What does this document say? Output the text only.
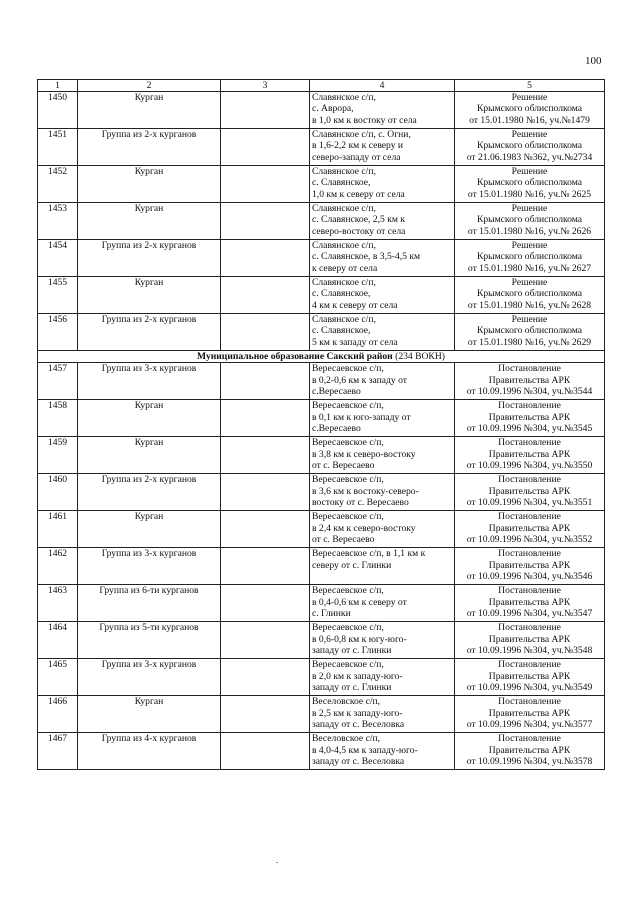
100
1	2	3	4	5
1450	Курган		Славянское с/п,
с. Аврора,
в 1,0 км к востоку от села	Решение
Крымского облисполкома
от 15.01.1980 №16, уч.№1479

1451	Группа из 2-х курганов		Славянское с/п, с. Огни,
в 1,6-2,2 км к северу и
северо-западу от села	Решение
Крымского облисполкома
от 21.06.1983 №362, уч.№2734

1452	Курган		Славянское с/п,
с. Славянское,
1,0 км к северу от села	Решение
Крымского облисполкома
от 15.01.1980 №16, уч.№ 2625

1453	Курган		Славянское с/п,
с. Славянское, 2,5 км к
северо-востоку от села	Решение
Крымского облисполкома
от 15.01.1980 №16, уч.№ 2626

1454	Группа из 2-х курганов		Славянское с/п,
с. Славянское, в 3,5-4,5 км
к северу от села	Решение
Крымского облисполкома
от 15.01.1980 №16, уч.№ 2627

1455	Курган		Славянское с/п,
с. Славянское,
4 км к северу от села	Решение
Крымского облисполкома
от 15.01.1980 №16, уч.№ 2628

1456	Группа из 2-х курганов		Славянское с/п,
с. Славянское,
5 км к западу от села	Решение
Крымского облисполкома
от 15.01.1980 №16, уч.№ 2629

Муниципальное образование Сакский район (234 ВОКН)				
1457	Группа из 3-х курганов		Вересаевское с/п,
в 0,2-0,6 км к западу от
с.Вересаево	Постановление
Правительства АРК
от 10.09.1996 №304, уч.№3544

1458	Курган		Вересаевское с/п,
в 0,1 км к юго-западу от
с.Вересаево	Постановление
Правительства АРК
от 10.09.1996 №304, уч.№3545

1459	Курган		Вересаевское с/п,
в 3,8 км к северо-востоку
от с. Вересаево	Постановление
Правительства АРК
от 10.09.1996 №304, уч.№3550

1460	Группа из 2-х курганов		Вересаевское с/п,
в 3,6 км к востоку-северо-
востоку от с. Вересаево	Постановление
Правительства АРК
от 10.09.1996 №304, уч.№3551

1461	Курган		Вересаевское с/п,
в 2,4 км к северо-востоку
от с. Вересаево	Постановление
Правительства АРК
от 10.09.1996 №304, уч.№3552

1462	Группа из 3-х курганов		Вересаевское с/п, в 1,1 км к
северу от с. Глинки	Постановление
Правительства АРК
от 10.09.1996 №304, уч.№3546

1463	Группа из 6-ти курганов		Вересаевское с/п,
в 0,4-0,6 км к северу от
с. Глинки	Постановление
Правительства АРК
от 10.09.1996 №304, уч.№3547

1464	Группа из 5-ти курганов		Вересаевское с/п,
в 0,6-0,8 км к югу-юго-
западу от с. Глинки	Постановление
Правительства АРК
от 10.09.1996 №304, уч.№3548

1465	Группа из 3-х курганов		Вересаевское с/п,
в 2,0 км к западу-юго-
западу от с. Глинки	Постановление
Правительства АРК
от 10.09.1996 №304, уч.№3549

1466	Курган		Веселовское с/п,
в 2,5 км к западу-юго-
западу от с. Веселовка	Постановление
Правительства АРК
от 10.09.1996 №304, уч.№3577

1467	Группа из 4-х курганов		Веселовское с/п,
в 4,0-4,5 км к западу-юго-
западу от с. Веселовка	Постановление
Правительства АРК
от 10.09.1996 №304, уч.№3578
